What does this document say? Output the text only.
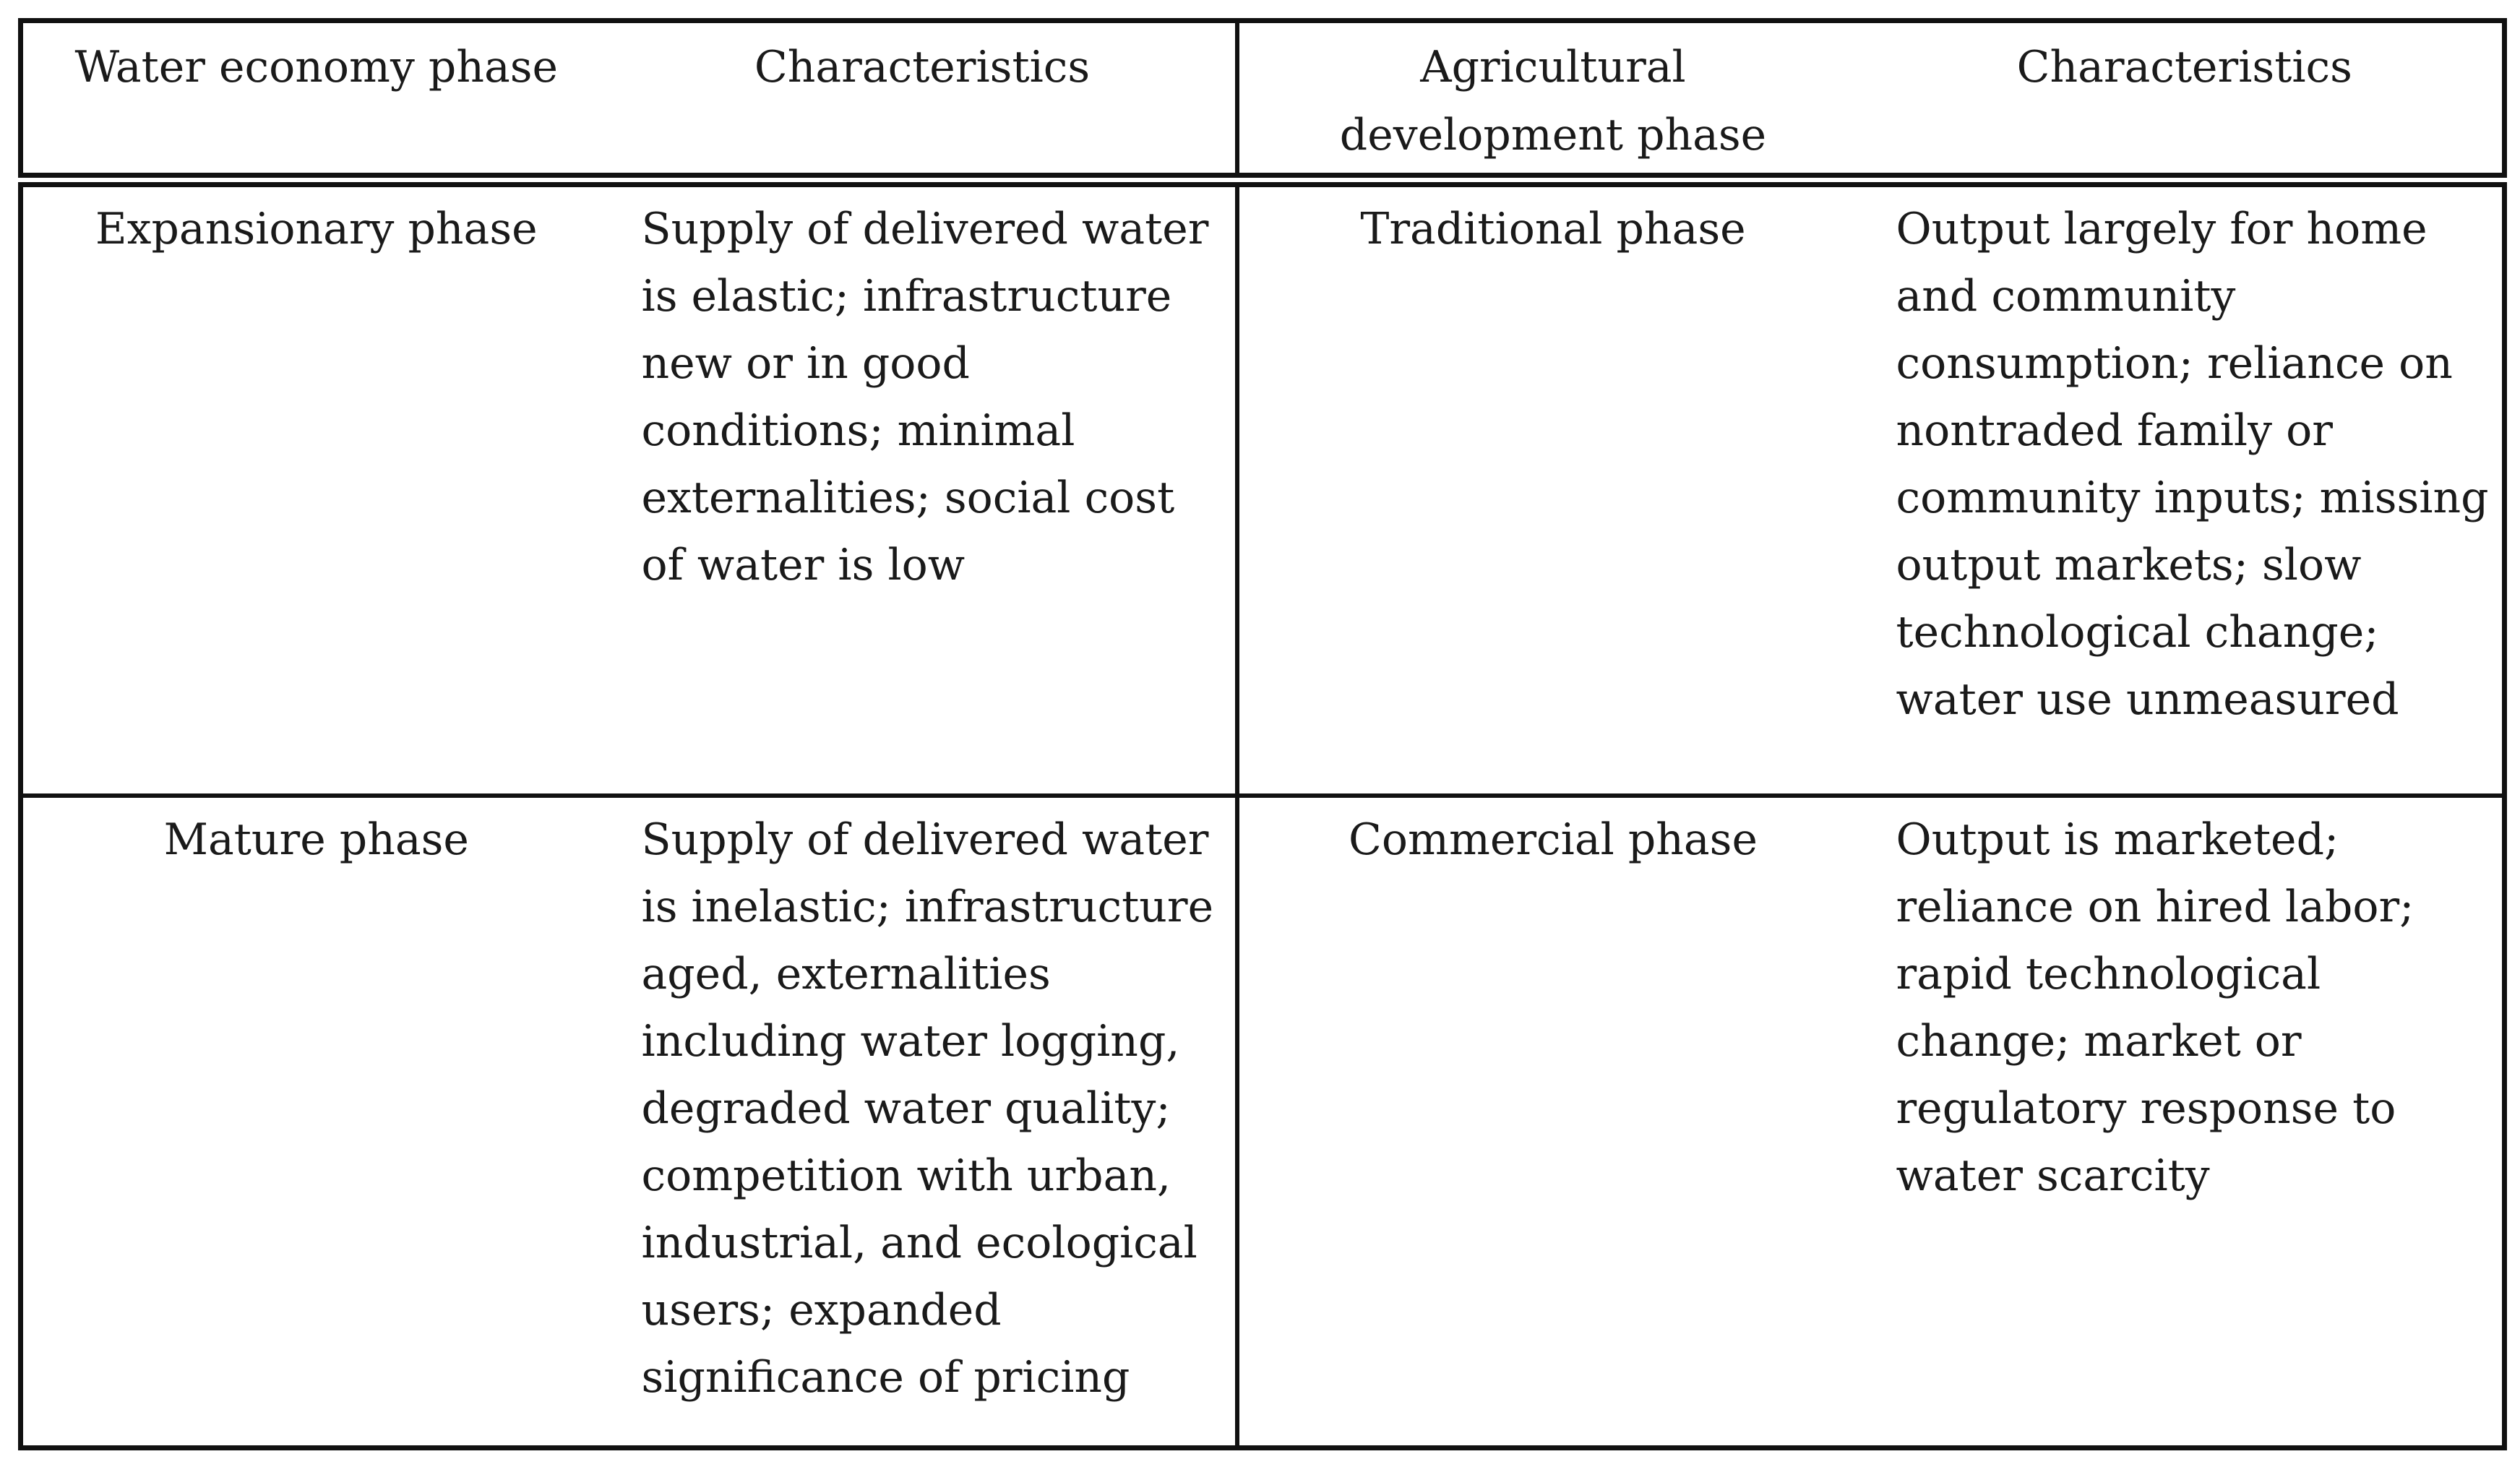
Water economy phase	Characteristics	Agricultural development phase	Characteristics
Expansionary phase	Supply of delivered water is elastic; infrastructure new or in good conditions; minimal externalities; social cost of water is low	Traditional phase	Output largely for home and community consumption; reliance on nontraded family or community inputs; missing output markets; slow technological change; water use unmeasured
Mature phase	Supply of delivered water is inelastic; infrastructure aged, externalities including water logging, degraded water quality; competition with urban, industrial, and ecological users; expanded significance of pricing	Commercial phase	Output is marketed; reliance on hired labor; rapid technological change; market or regulatory response to water scarcity
